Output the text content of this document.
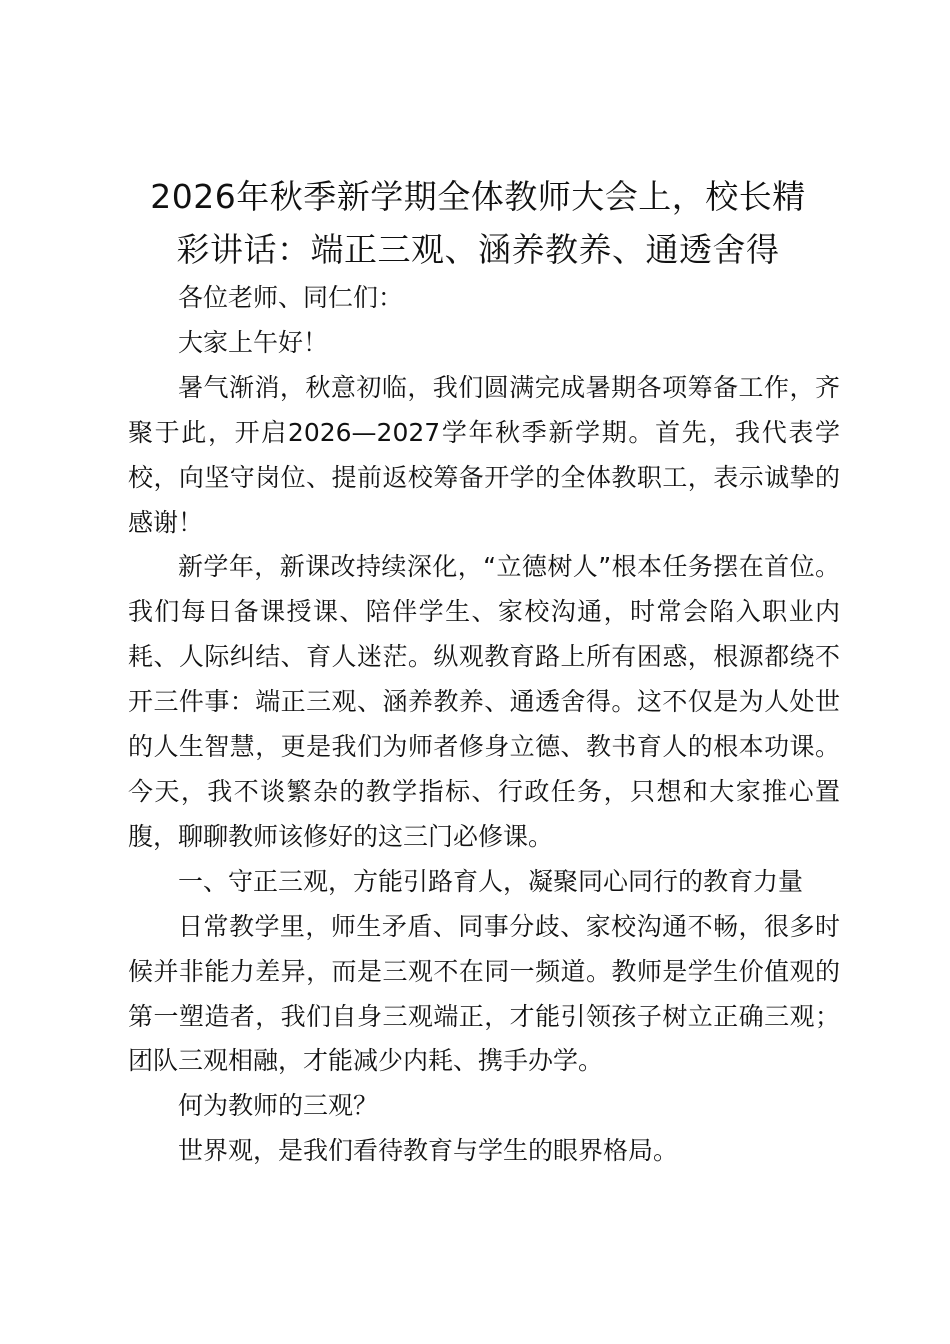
2026年秋季新学期全体教师大会上，校长精
彩讲话：端正三观、涵养教养、通透舍得

各位老师、同仁们：

大家上午好！

暑气渐消，秋意初临，我们圆满完成暑期各项筹备工作，齐聚于此，开启2026—2027学年秋季新学期。首先，我代表学校，向坚守岗位、提前返校筹备开学的全体教职工，表示诚挚的感谢！

新学年，新课改持续深化，“立德树人”根本任务摆在首位。我们每日备课授课、陪伴学生、家校沟通，时常会陷入职业内耗、人际纠结、育人迷茫。纵观教育路上所有困惑，根源都绕不开三件事：端正三观、涵养教养、通透舍得。这不仅是为人处世的人生智慧，更是我们为师者修身立德、教书育人的根本功课。今天，我不谈繁杂的教学指标、行政任务，只想和大家推心置腹，聊聊教师该修好的这三门必修课。

一、守正三观，方能引路育人，凝聚同心同行的教育力量

日常教学里，师生矛盾、同事分歧、家校沟通不畅，很多时候并非能力差异，而是三观不在同一频道。教师是学生价值观的第一塑造者，我们自身三观端正，才能引领孩子树立正确三观；团队三观相融，才能减少内耗、携手办学。

何为教师的三观？

世界观，是我们看待教育与学生的眼界格局。
